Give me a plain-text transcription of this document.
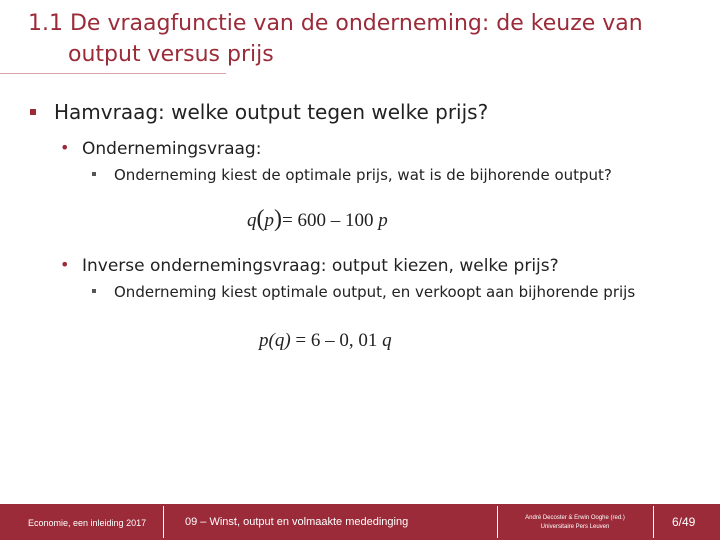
1.1 De vraagfunctie van de onderneming: de keuze van
output versus prijs
Hamvraag: welke output tegen welke prijs?
• Ondernemingsvraag:
Onderneming kiest de optimale prijs, wat is de bijhorende output?
q(p)= 600 – 100 p
• Inverse ondernemingsvraag: output kiezen, welke prijs?
Onderneming kiest optimale output, en verkoopt aan bijhorende prijs
p(q) = 6 – 0, 01 q
Economie, een inleiding 2017	09 – Winst, output en volmaakte mededinging	André Decoster & Erwin Ooghe (red.)
Universitaire Pers Leuven	6/49
